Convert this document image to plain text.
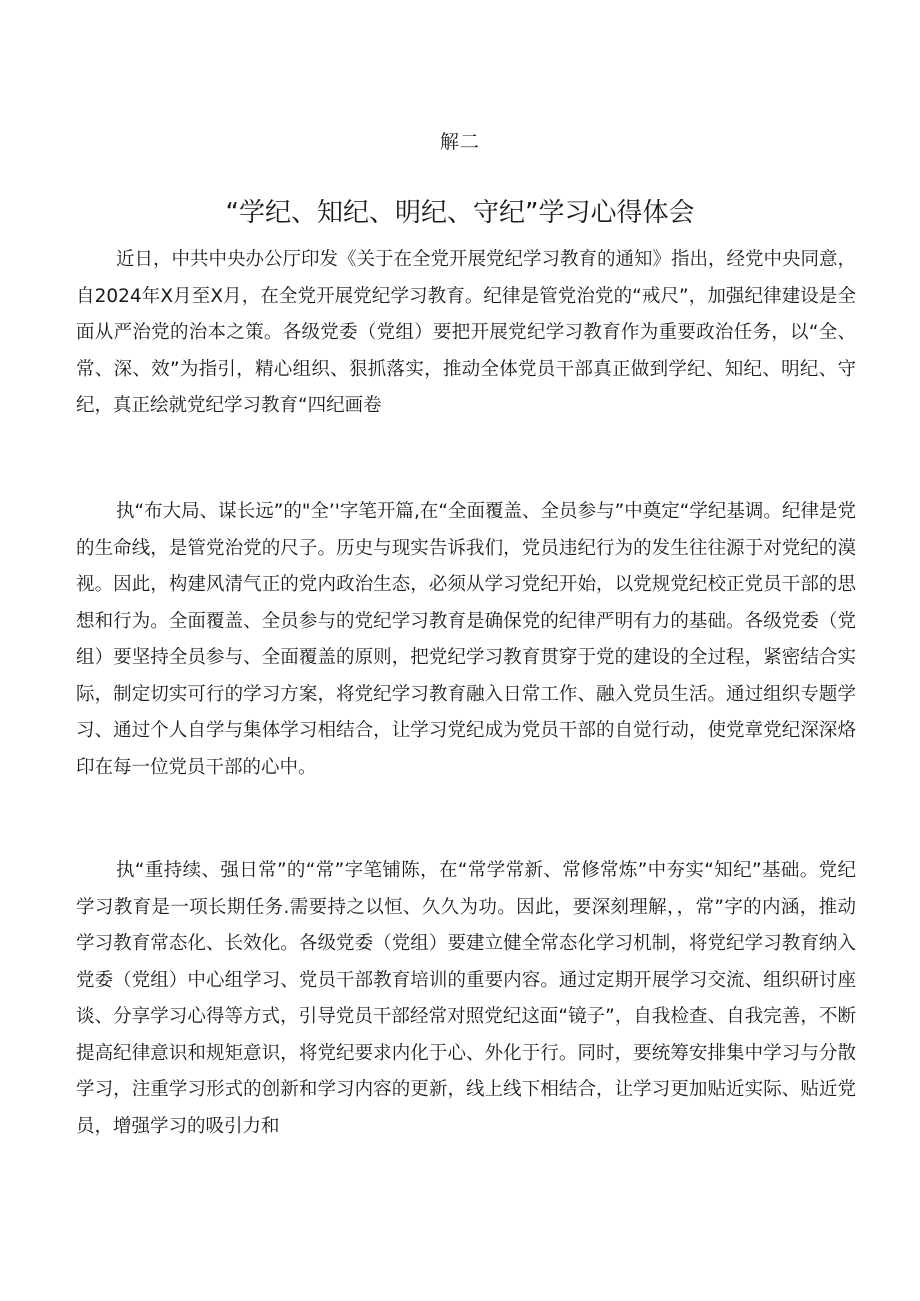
解二
“学纪、知纪、明纪、守纪”学习心得体会

近日，中共中央办公厅印发《关于在全党开展党纪学习教育的通知》指出，经党中央同意，自2024年X月至X月，在全党开展党纪学习教育。纪律是管党治党的“戒尺”，加强纪律建设是全面从严治党的治本之策。各级党委（党组）要把开展党纪学习教育作为重要政治任务，以“全、常、深、效”为指引，精心组织、狠抓落实，推动全体党员干部真正做到学纪、知纪、明纪、守纪，真正绘就党纪学习教育“四纪画卷

执“布大局、谋长远”的"全’'字笔开篇,在“全面覆盖、全员参与”中奠定“学纪基调。纪律是党的生命线，是管党治党的尺子。历史与现实告诉我们，党员违纪行为的发生往往源于对党纪的漠视。因此，构建风清气正的党内政治生态，必须从学习党纪开始，以党规党纪校正党员干部的思想和行为。全面覆盖、全员参与的党纪学习教育是确保党的纪律严明有力的基础。各级党委（党组）要坚持全员参与、全面覆盖的原则，把党纪学习教育贯穿于党的建设的全过程，紧密结合实际，制定切实可行的学习方案，将党纪学习教育融入日常工作、融入党员生活。通过组织专题学习、通过个人自学与集体学习相结合，让学习党纪成为党员干部的自觉行动，使党章党纪深深烙印在每一位党员干部的心中。

执“重持续、强日常”的“常”字笔铺陈，在“常学常新、常修常炼”中夯实“知纪”基础。党纪学习教育是一项长期任务.需要持之以恒、久久为功。因此，要深刻理解，，常”字的内涵，推动学习教育常态化、长效化。各级党委（党组）要建立健全常态化学习机制，将党纪学习教育纳入党委（党组）中心组学习、党员干部教育培训的重要内容。通过定期开展学习交流、组织研讨座谈、分享学习心得等方式，引导党员干部经常对照党纪这面“镜子”，自我检查、自我完善，不断提高纪律意识和规矩意识，将党纪要求内化于心、外化于行。同时，要统筹安排集中学习与分散学习，注重学习形式的创新和学习内容的更新，线上线下相结合，让学习更加贴近实际、贴近党员，增强学习的吸引力和
